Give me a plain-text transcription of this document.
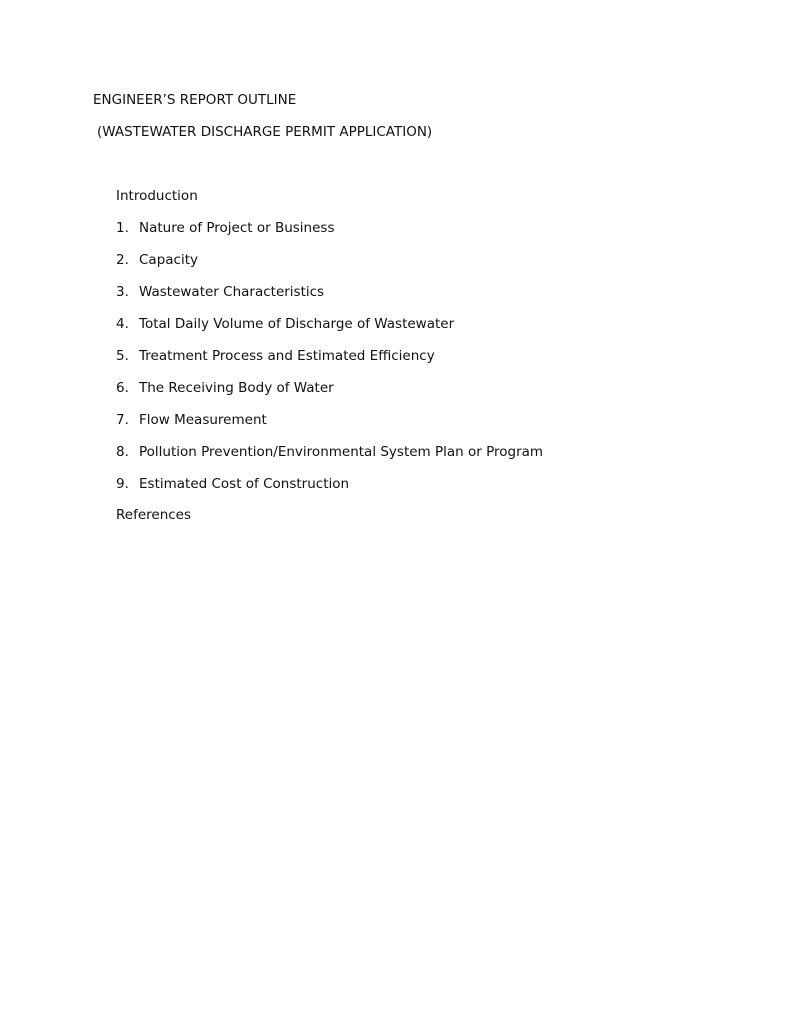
ENGINEER’S REPORT OUTLINE
(WASTEWATER DISCHARGE PERMIT APPLICATION)
Introduction
1. Nature of Project or Business
2. Capacity
3. Wastewater Characteristics
4. Total Daily Volume of Discharge of Wastewater
5. Treatment Process and Estimated Efficiency
6. The Receiving Body of Water
7. Flow Measurement
8. Pollution Prevention/Environmental System Plan or Program
9. Estimated Cost of Construction
References
